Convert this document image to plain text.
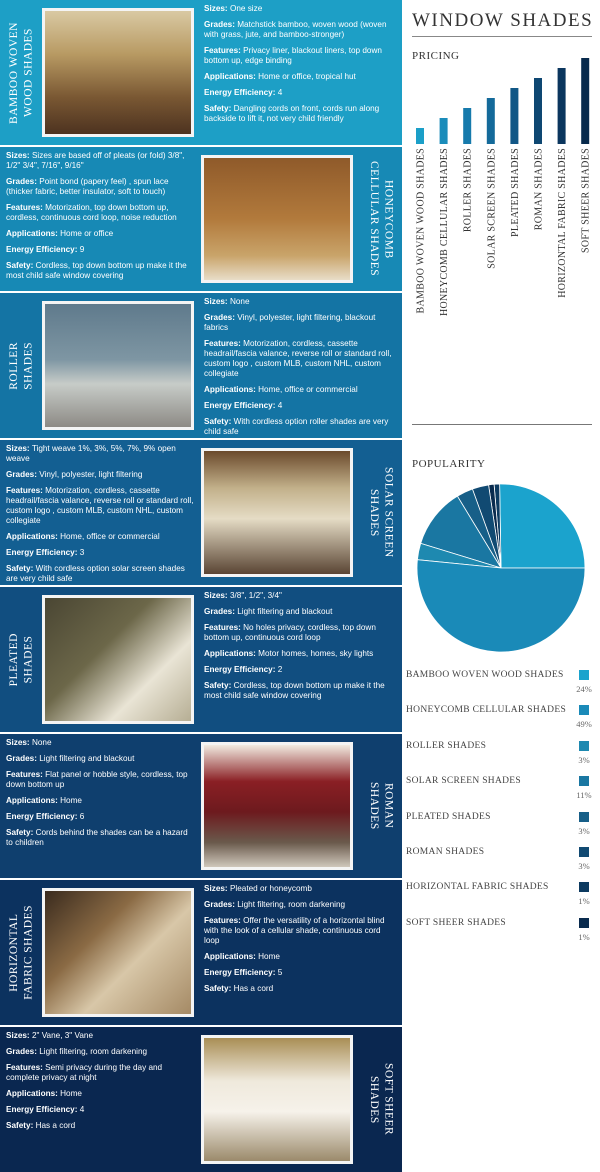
BAMBOO WOVEN
WOOD SHADES
Sizes: One size
Grades: Matchstick bamboo, woven wood (woven with grass, jute, and bamboo-stronger)
Features: Privacy liner, blackout liners, top down bottom up, edge binding
Applications: Home or office, tropical hut
Energy Efficiency: 4
Safety: Dangling cords on front, cords run along backside to lift it, not very child friendly
HONEYCOMB
CELLULAR SHADES
Sizes: Sizes are based off of pleats (or fold) 3/8", 1/2" 3/4", 7/16", 9/16"
Grades: Point bond (papery feel) , spun lace (thicker fabric, better insulator, soft to touch)
Features: Motorization, top down bottom up, cordless, continuous cord loop, noise reduction
Applications: Home or office
Energy Efficiency: 9
Safety: Cordless, top down bottom up make it the most child safe window covering
ROLLER
SHADES
Sizes: None
Grades: Vinyl, polyester, light filtering, blackout fabrics
Features: Motorization, cordless, cassette headrail/fascia valance, reverse roll or standard roll, custom logo , custom MLB, custom NHL, custom collegiate
Applications: Home, office or commercial
Energy Efficiency: 4
Safety: With cordless option roller shades are very child safe
SOLAR SCREEN
SHADES
Sizes: Tight weave 1%, 3%, 5%, 7%, 9% open weave
Grades: Vinyl, polyester, light filtering
Features: Motorization, cordless, cassette headrail/fascia valance, reverse roll or standard roll, custom logo , custom MLB, custom NHL, custom collegiate
Applications: Home, office or commercial
Energy Efficiency: 3
Safety: With cordless option solar screen shades are very child safe
PLEATED
SHADES
Sizes: 3/8", 1/2", 3/4"
Grades: Light filtering and blackout
Features: No holes privacy, cordless, top down bottom up, continuous cord loop
Applications: Motor homes, homes, sky lights
Energy Efficiency: 2
Safety: Cordless, top down bottom up make it the most child safe window covering
ROMAN
SHADES
Sizes: None
Grades: Light filtering and blackout
Features: Flat panel or hobble style, cordless, top down bottom up
Applications: Home
Energy Efficiency: 6
Safety: Cords behind the shades can be a hazard to children
HORIZONTAL
FABRIC SHADES
Sizes: Pleated or honeycomb
Grades: Light filtering, room darkening
Features: Offer the versatility of a horizontal blind with the look of a cellular shade, continuous cord loop
Applications: Home
Energy Efficiency: 5
Safety: Has a cord
SOFT SHEER
SHADES
Sizes: 2" Vane, 3" Vane
Grades: Light filtering, room darkening
Features: Semi privacy during the day and complete privacy at night
Applications: Home
Energy Efficiency: 4
Safety: Has a cord
WINDOW SHADES
PRICING
BAMBOO WOVEN WOOD SHADES HONEYCOMB CELLULAR SHADES ROLLER SHADES SOLAR SCREEN SHADES PLEATED SHADES ROMAN SHADES HORIZONTAL FABRIC SHADES SOFT SHEER SHADES
POPULARITY
BAMBOO WOVEN WOOD SHADES
24%
HONEYCOMB CELLULAR SHADES
49%
ROLLER SHADES
3%
SOLAR SCREEN SHADES
11%
PLEATED SHADES
3%
ROMAN SHADES
3%
HORIZONTAL FABRIC SHADES
1%
SOFT SHEER SHADES
1%
